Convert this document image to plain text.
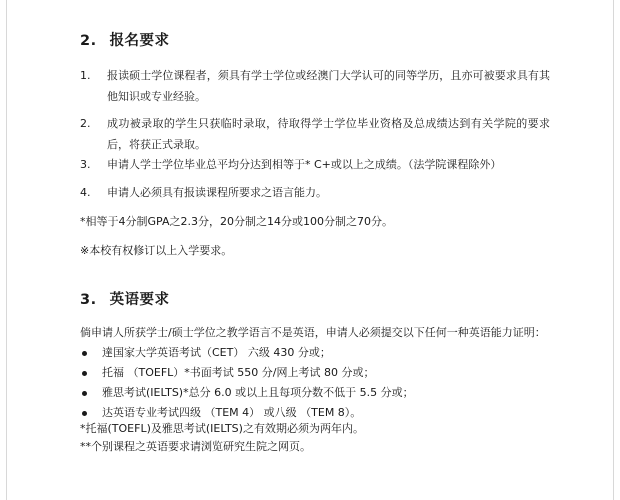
2. 报名要求
1. 报读硕士学位课程者，须具有学士学位或经澳门大学认可的同等学历，且亦可被要求具有其他知识或专业经验。
2. 成功被录取的学生只获临时录取，待取得学士学位毕业资格及总成绩达到有关学院的要求后，将获正式录取。
3. 申请人学士学位毕业总平均分达到相等于* C+或以上之成绩。（法学院课程除外）
4. 申请人必须具有报读课程所要求之语言能力。
*相等于4分制GPA之2.3分，20分制之14分或100分制之70分。
※本校有权修订以上入学要求。
3. 英语要求
倘申请人所获学士/硕士学位之教学语言不是英语，申请人必须提交以下任何一种英语能力证明：
達国家大学英语考试（CET） 六级 430 分或；
托福 （TOEFL）*书面考试 550 分/网上考试 80 分或；
雅思考试(IELTS)*总分 6.0 或以上且每项分数不低于 5.5 分或；
达英语专业考试四级 （TEM 4） 或八级 （TEM 8）。
*托福(TOEFL)及雅思考试(IELTS)之有效期必须为两年内。
**个别课程之英语要求请浏览研究生院之网页。
